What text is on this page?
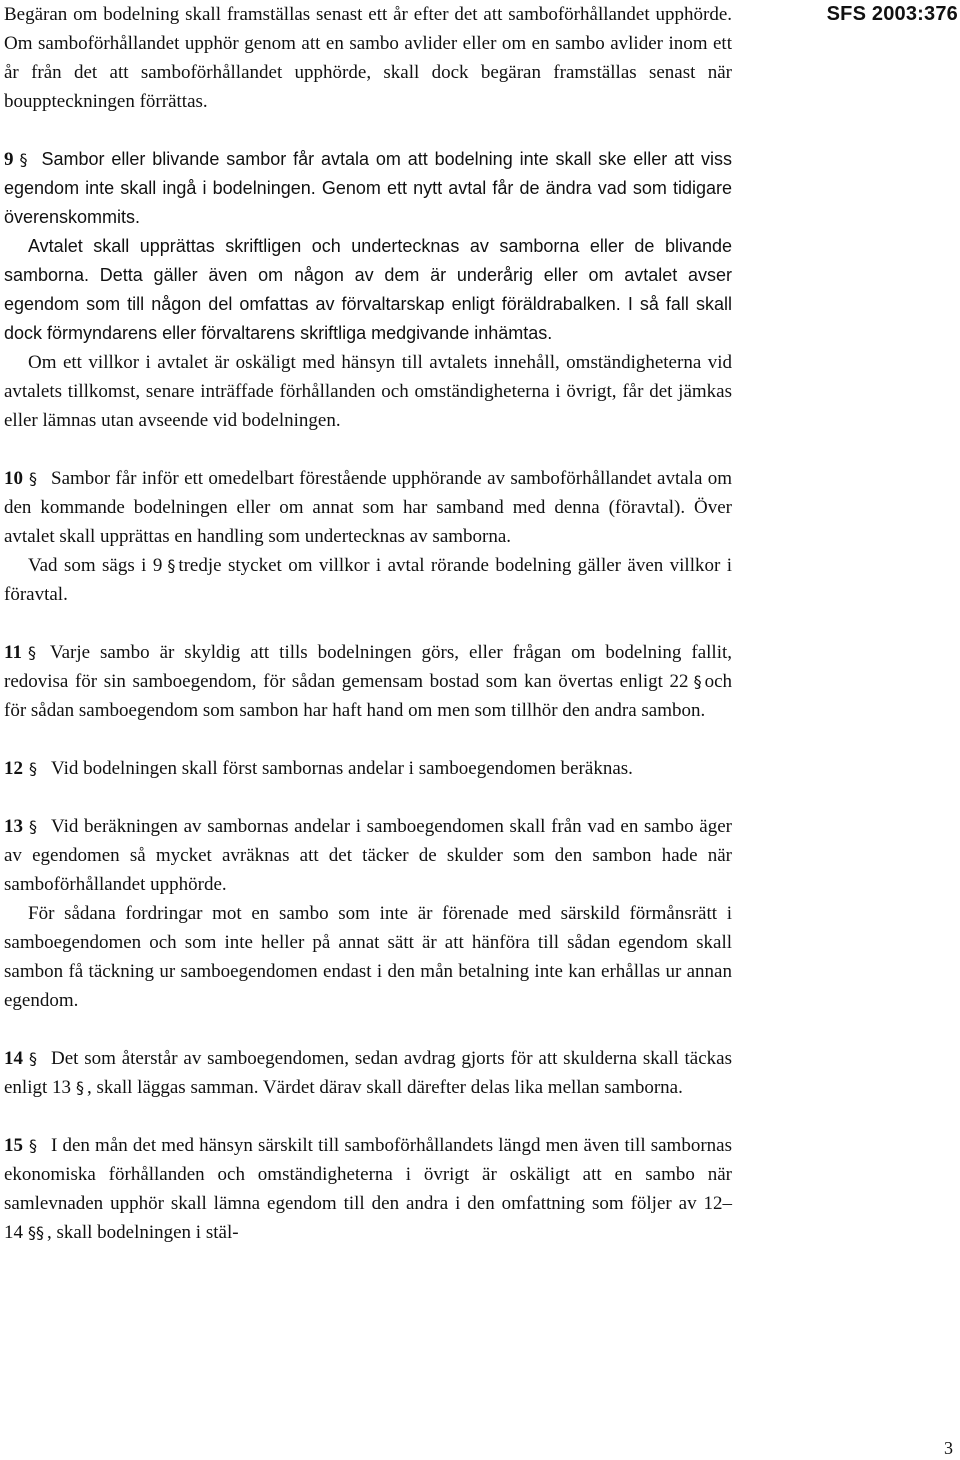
SFS 2003:376

Begäran om bodelning skall framställas senast ett år efter det att samboförhållandet upphörde. Om samboförhållandet upphör genom att en sambo avlider eller om en sambo avlider inom ett år från det att samboförhållandet upphörde, skall dock begäran framställas senast när bouppteckningen förrättas.

9 § Sambor eller blivande sambor får avtala om att bodelning inte skall ske eller att viss egendom inte skall ingå i bodelningen. Genom ett nytt avtal får de ändra vad som tidigare överenskommits.

Avtalet skall upprättas skriftligen och undertecknas av samborna eller de blivande samborna. Detta gäller även om någon av dem är underårig eller om avtalet avser egendom som till någon del omfattas av förvaltarskap enligt föräldrabalken. I så fall skall dock förmyndarens eller förvaltarens skriftliga medgivande inhämtas.

Om ett villkor i avtalet är oskäligt med hänsyn till avtalets innehåll, omständigheterna vid avtalets tillkomst, senare inträffade förhållanden och omständigheterna i övrigt, får det jämkas eller lämnas utan avseende vid bodelningen.

10 § Sambor får inför ett omedelbart förestående upphörande av samboförhållandet avtala om den kommande bodelningen eller om annat som har samband med denna (föravtal). Över avtalet skall upprättas en handling som undertecknas av samborna.

Vad som sägs i 9 § tredje stycket om villkor i avtal rörande bodelning gäller även villkor i föravtal.

11 § Varje sambo är skyldig att tills bodelningen görs, eller frågan om bodelning fallit, redovisa för sin samboegendom, för sådan gemensam bostad som kan övertas enligt 22 § och för sådan samboegendom som sambon har haft hand om men som tillhör den andra sambon.

12 § Vid bodelningen skall först sambornas andelar i samboegendomen beräknas.

13 § Vid beräkningen av sambornas andelar i samboegendomen skall från vad en sambo äger av egendomen så mycket avräknas att det täcker de skulder som den sambon hade när samboförhållandet upphörde.

För sådana fordringar mot en sambo som inte är förenade med särskild förmånsrätt i samboegendomen och som inte heller på annat sätt är att hänföra till sådan egendom skall sambon få täckning ur samboegendomen endast i den mån betalning inte kan erhållas ur annan egendom.

14 § Det som återstår av samboegendomen, sedan avdrag gjorts för att skulderna skall täckas enligt 13 § , skall läggas samman. Värdet därav skall därefter delas lika mellan samborna.

15 § I den mån det med hänsyn särskilt till samboförhållandets längd men även till sambornas ekonomiska förhållanden och omständigheterna i övrigt är oskäligt att en sambo när samlevnaden upphör skall lämna egendom till den andra i den omfattning som följer av 12–14 §§ , skall bodelningen i stäl-

3
